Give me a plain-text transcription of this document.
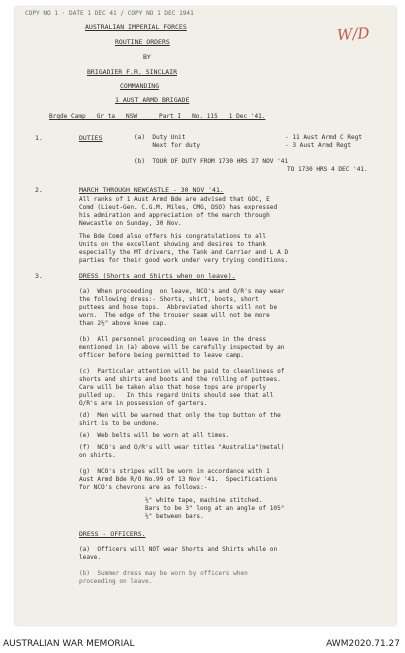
COPY NO 1 · DATE 1 DEC 41 / COPY NO 1 DEC 1941
W/D
AUSTRALIAN IMPERIAL FORCES
ROUTINE ORDERS
BY
BRIGADIER F.R. SINCLAIR
COMMANDING
1 AUST ARMD BRIGADE
Brgde Camp   Gr ta   NSW      Part I   No. 115   1 Dec '41.
1.	DUTIES	(a)  Duty Unit	- 11 Aust Armd C Regt
Next for duty	- 3 Aust Armd Regt
(b)  TOUR OF DUTY FROM 1730 HRS 27 NOV '41
TO 1730 HRS 4 DEC '41.
2.	MARCH THROUGH NEWCASTLE - 30 NOV '41.
All ranks of 1 Aust Armd Bde are advised that GOC, E
Comd (Lieut-Gen. C.G.M. Miles, CMG, DSO) has expressed
his admiration and appreciation of the march through
Newcastle on Sunday, 30 Nov.
The Bde Comd also offers his congratulations to all
Units on the excellent showing and desires to thank
especially the MT drivers, the Tank and Carrier and L A D
parties for their good work under very trying conditions.
3.	DRESS (Shorts and Shirts when on leave).
(a)  When proceeding  on leave, NCO's and O/R's may wear
the following dress:- Shorts, shirt, boots, short
puttees and hose tops.  Abbreviated shorts will not be
worn.  The edge of the trouser seam will not be more
than 2½" above knee cap.
(b)  All personnel proceeding on leave in the dress
mentioned in (a) above will be carefully inspected by an
officer before being permitted to leave camp.
(c)  Particular attention will be paid to cleanliness of
shorts and shirts and boots and the rolling of puttees.
Care will be taken also that hose tops are properly
pulled up.   In this regard Units should see that all
O/R's are in possession of garters.
(d)  Men will be warned that only the top button of the
shirt is to be undone.
(e)  Web belts will be worn at all times.
(f)  NCO's and O/R's will wear titles "Australia"(metal)
on shirts.
(g)  NCO's stripes will be worn in accordance with 1
Aust Armd Bde R/O No.99 of 13 Nov '41.  Specifications
for NCO's chevrons are as follows:-
½" white tape, machine stitched.
Bars to be 3" long at an angle of 105°
½" between bars.
DRESS - OFFICERS.
(a)  Officers will NOT wear Shorts and Shirts while on
leave.
(b)  Summer dress may be worn by officers when
proceeding on leave.
AUSTRALIAN WAR MEMORIAL	AWM2020.71.27
